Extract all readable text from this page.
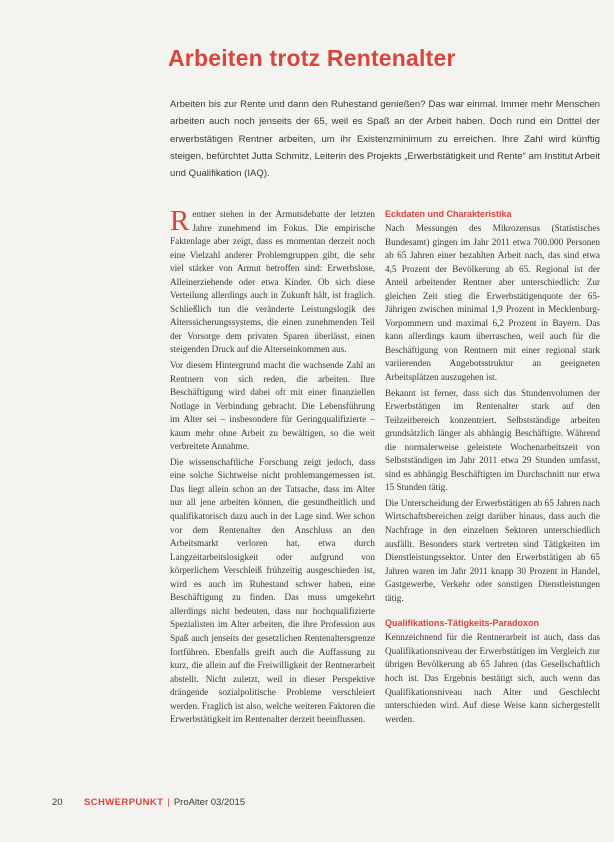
Arbeiten trotz Rentenalter

Arbeiten bis zur Rente und dann den Ruhestand genießen? Das war einmal. Immer mehr Menschen arbeiten auch noch jenseits der 65, weil es Spaß an der Arbeit haben. Doch rund ein Drittel der erwerbstätigen Rentner arbeiten, um ihr Existenzminimum zu erreichen. Ihre Zahl wird künftig steigen, befürchtet Jutta Schmitz, Leiterin des Projekts „Erwerbstätigkeit und Rente“ am Institut Arbeit und Qualifikation (IAQ).

Rentner stehen in der Armutsdebatte der letzten Jahre zunehmend im Fokus. Die empirische Faktenlage aber zeigt, dass es momentan derzeit noch eine Vielzahl anderer Problemgruppen gibt, die sehr viel stärker von Armut betroffen sind: Erwerbslose, Alleinerziehende oder etwa Kinder. Ob sich diese Verteilung allerdings auch in Zukunft hält, ist fraglich. Schließlich tun die veränderte Leistungslogik des Alterssicherungssystems, die einen zunehmenden Teil der Vorsorge dem privaten Sparen überlässt, einen steigenden Druck auf die Alterseinkommen aus.

Vor diesem Hintergrund macht die wachsende Zahl an Rentnern von sich reden, die arbeiten. Ihre Beschäftigung wird dabei oft mit einer finanziellen Notlage in Verbindung gebracht. Die Lebensführung im Alter sei – insbesondere für Geringqualifizierte – kaum mehr ohne Arbeit zu bewältigen, so die weit verbreitete Annahme.

Die wissenschaftliche Forschung zeigt jedoch, dass eine solche Sichtweise nicht problemangemessen ist. Das liegt allein schon an der Tatsache, dass im Alter nur all jene arbeiten können, die gesundheitlich und qualifikatorisch dazu auch in der Lage sind. Wer schon vor dem Rentenalter den Anschluss an den Arbeitsmarkt verloren hat, etwa durch Langzeitarbeitslosigkeit oder aufgrund von körperlichem Verschleiß frühzeitig ausgeschieden ist, wird es auch im Ruhestand schwer haben, eine Beschäftigung zu finden. Das muss umgekehrt allerdings nicht bedeuten, dass nur hochqualifizierte Spezialisten im Alter arbeiten, die ihre Profession aus Spaß auch jenseits der gesetzlichen Rentenaltersgrenze fortführen. Ebenfalls greift auch die Auffassung zu kurz, die allein auf die Freiwilligkeit der Rentnerarbeit abstellt. Nicht zuletzt, weil in dieser Perspektive drängende sozialpolitische Probleme verschleiert werden. Fraglich ist also, welche weiteren Faktoren die Erwerbstätigkeit im Rentenalter derzeit beeinflussen.

Eckdaten und Charakteristika

Nach Messungen des Mikrozensus (Statistisches Bundesamt) gingen im Jahr 2011 etwa 700.000 Personen ab 65 Jahren einer bezahlten Arbeit nach, das sind etwa 4,5 Prozent der Bevölkerung ab 65. Regional ist der Anteil arbeitender Rentner aber unterschiedlich: Zur gleichen Zeit stieg die Erwerbstätigenquote der 65-Jährigen zwischen minimal 1,9 Prozent in Mecklenburg-Vorpommern und maximal 6,2 Prozent in Bayern. Das kann allerdings kaum überraschen, weil auch für die Beschäftigung von Rentnern mit einer regional stark variierenden Angebotsstruktur an geeigneten Arbeitsplätzen auszugehen ist.

Bekannt ist ferner, dass sich das Stundenvolumen der Erwerbstätigen im Rentenalter stark auf den Teilzeitbereich konzentriert. Selbstständige arbeiten grundsätzlich länger als abhängig Beschäftigte. Während die normalerweise geleistete Wochenarbeitszeit von Selbstständigen im Jahr 2011 etwa 29 Stunden umfasst, sind es abhängig Beschäftigten im Durchschnitt nur etwa 15 Stunden tätig.

Die Unterscheidung der Erwerbstätigen ab 65 Jahren nach Wirtschaftsbereichen zeigt darüber hinaus, dass auch die Nachfrage in den einzelnen Sektoren unterschiedlich ausfällt. Besonders stark vertreten sind Tätigkeiten im Dienstleistungssektor. Unter den Erwerbstätigen ab 65 Jahren waren im Jahr 2011 knapp 30 Prozent in Handel, Gastgewerbe, Verkehr oder sonstigen Dienstleistungen tätig.

Qualifikations-Tätigkeits-Paradoxon

Kennzeichnend für die Rentnerarbeit ist auch, dass das Qualifikationsniveau der Erwerbstätigen im Vergleich zur übrigen Bevölkerung ab 65 Jahren (das Gesellschaftlich hoch ist. Das Ergebnis bestätigt sich, auch wenn das Qualifikationsniveau nach Alter und Geschlecht unterschieden wird. Auf diese Weise kann sichergestellt werden.

20 SCHWERPUNKT | ProAlter 03/2015
